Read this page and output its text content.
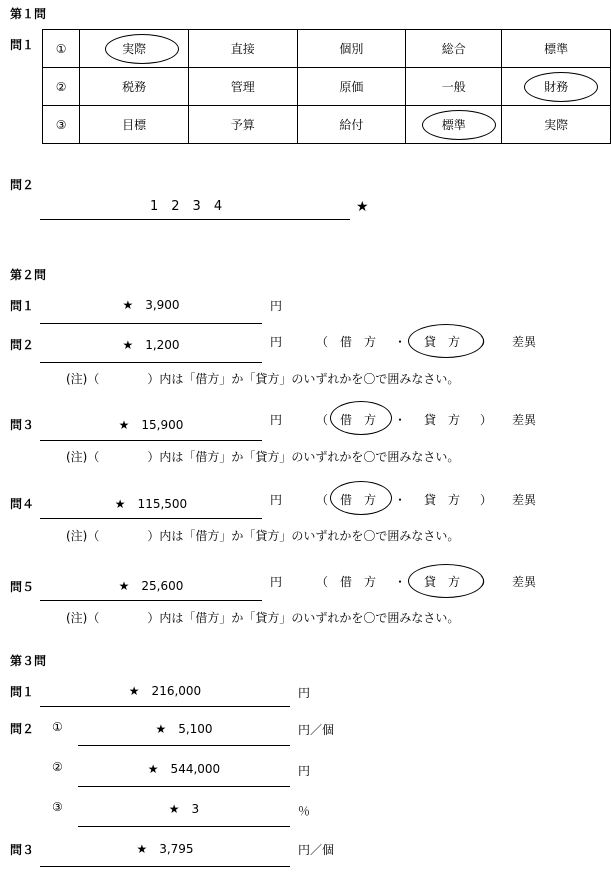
第１問
問１ ①	実際	直接	個別	総合	標準
②	税務	管理	原価	一般	財務
③	目標	予算	給付	標準	実際
問２
1　2　3　4	★
第２問
問１	★　3,900	円
問２	★　1,200	円	（ 借　方 ・ 貸　方 ） 差異
(注)（　　　　）内は「借方」か「貸方」のいずれかを〇で囲みなさい。
問３	★　15,900	円	（ 借　方 ・ 貸　方 ） 差異
(注)（　　　　）内は「借方」か「貸方」のいずれかを〇で囲みなさい。
問４	★　115,500	円	（ 借　方 ・ 貸　方 ） 差異
(注)（　　　　）内は「借方」か「貸方」のいずれかを〇で囲みなさい。
問５	★　25,600	円	（ 借　方 ・ 貸　方 ） 差異
(注)（　　　　）内は「借方」か「貸方」のいずれかを〇で囲みなさい。
第３問
問１	★　216,000	円
問２ ①	★　5,100	円／個
②	★　544,000	円
③	★　3	％
問３	★　3,795	円／個
